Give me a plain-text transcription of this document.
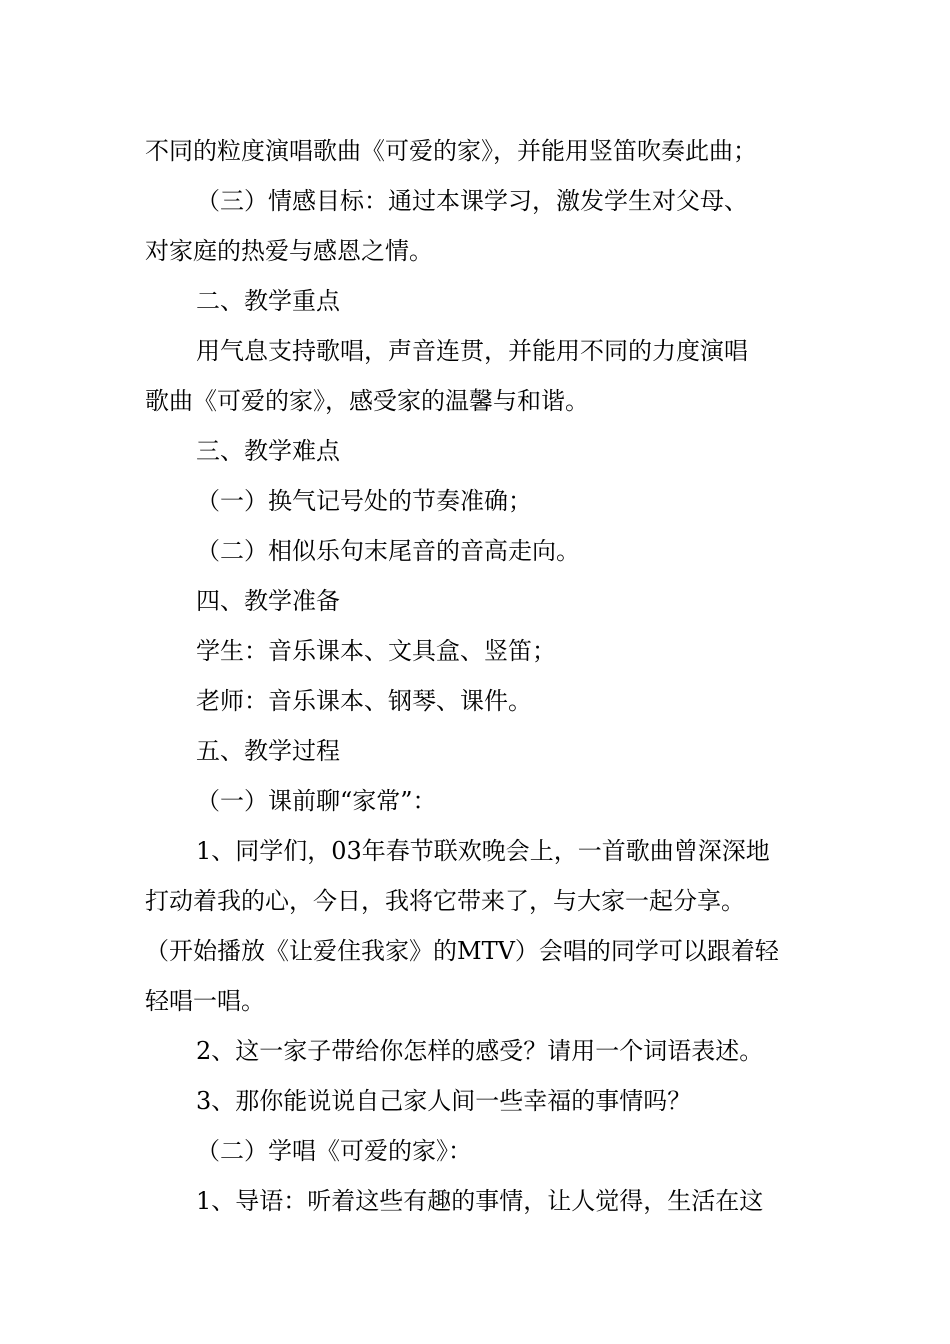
不同的粒度演唱歌曲《可爱的家》，并能用竖笛吹奏此曲；
（三）情感目标：通过本课学习，激发学生对父母、
对家庭的热爱与感恩之情。
二、教学重点
用气息支持歌唱，声音连贯，并能用不同的力度演唱
歌曲《可爱的家》，感受家的温馨与和谐。
三、教学难点
（一）换气记号处的节奏准确；
（二）相似乐句末尾音的音高走向。
四、教学准备
学生：音乐课本、文具盒、竖笛；
老师：音乐课本、钢琴、课件。
五、教学过程
（一）课前聊“家常”：
1、同学们，03年春节联欢晚会上，一首歌曲曾深深地
打动着我的心，今日，我将它带来了，与大家一起分享。
（开始播放《让爱住我家》的MTV）会唱的同学可以跟着轻
轻唱一唱。
2、这一家子带给你怎样的感受？请用一个词语表述。
3、那你能说说自己家人间一些幸福的事情吗？
（二）学唱《可爱的家》：
1、导语：听着这些有趣的事情，让人觉得，生活在这
